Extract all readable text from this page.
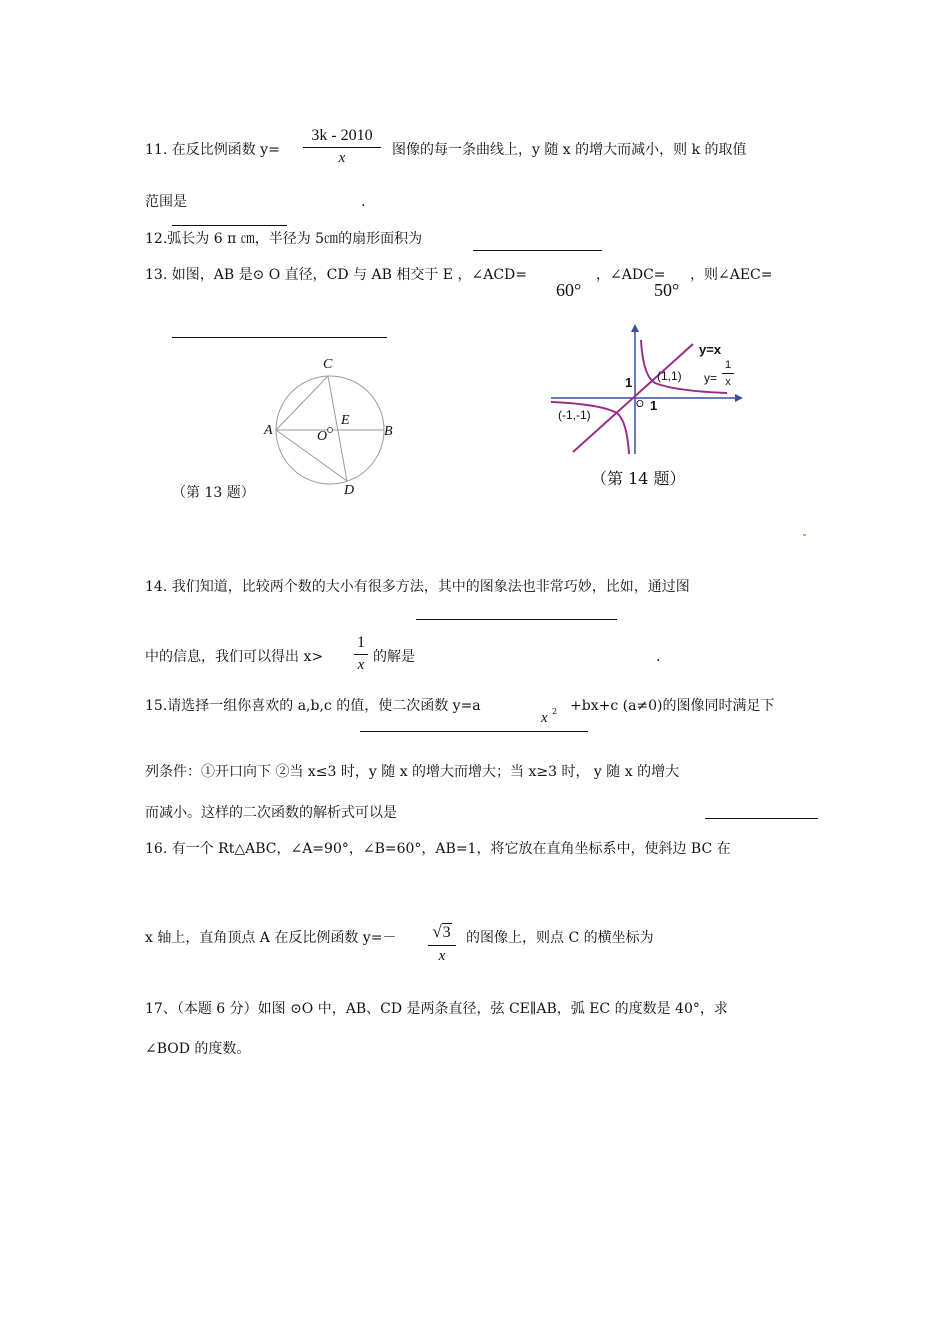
11. 在反比例函数 y=
3k - 2010
x	图像的每一条曲线上，y 随 x 的增大而减小，则 k 的取值
范围是	.
12.弧长为 6 π ㎝，半径为 5㎝的扇形面积为
13. 如图，AB 是⊙ O 直径，CD 与 AB 相交于 E ，∠ACD=
60°
，∠ADC=
50°
，则∠AEC=
C
A	B
E
O
D
（第 13 题）
y=x
y=
1
x
(1,1)
(-1,-1)
1
O 1
（第 14 题）
14. 我们知道，比较两个数的大小有很多方法，其中的图象法也非常巧妙，比如，通过图
中的信息，我们可以得出 x>
1
x 的解是	.
15.请选择一组你喜欢的 a,b,c 的值，使二次函数 y=a
x 2 +bx+c (a≠0)的图像同时满足下
列条件：①开口向下 ②当 x≤3 时，y 随 x 的增大而增大；当 x≥3 时， y 随 x 的增大
而减小。这样的二次函数的解析式可以是
16. 有一个 Rt△ABC，∠A=90°，∠B=60°，AB=1，将它放在直角坐标系中，使斜边 BC 在
x 轴上，直角顶点 A 在反比例函数 y=－ √3
x
的图像上，则点 C 的横坐标为
17、（本题 6 分）如图 ⊙O 中，AB、CD 是两条直径，弦 CE∥AB，弧 EC 的度数是 40°，求
∠BOD 的度数。
